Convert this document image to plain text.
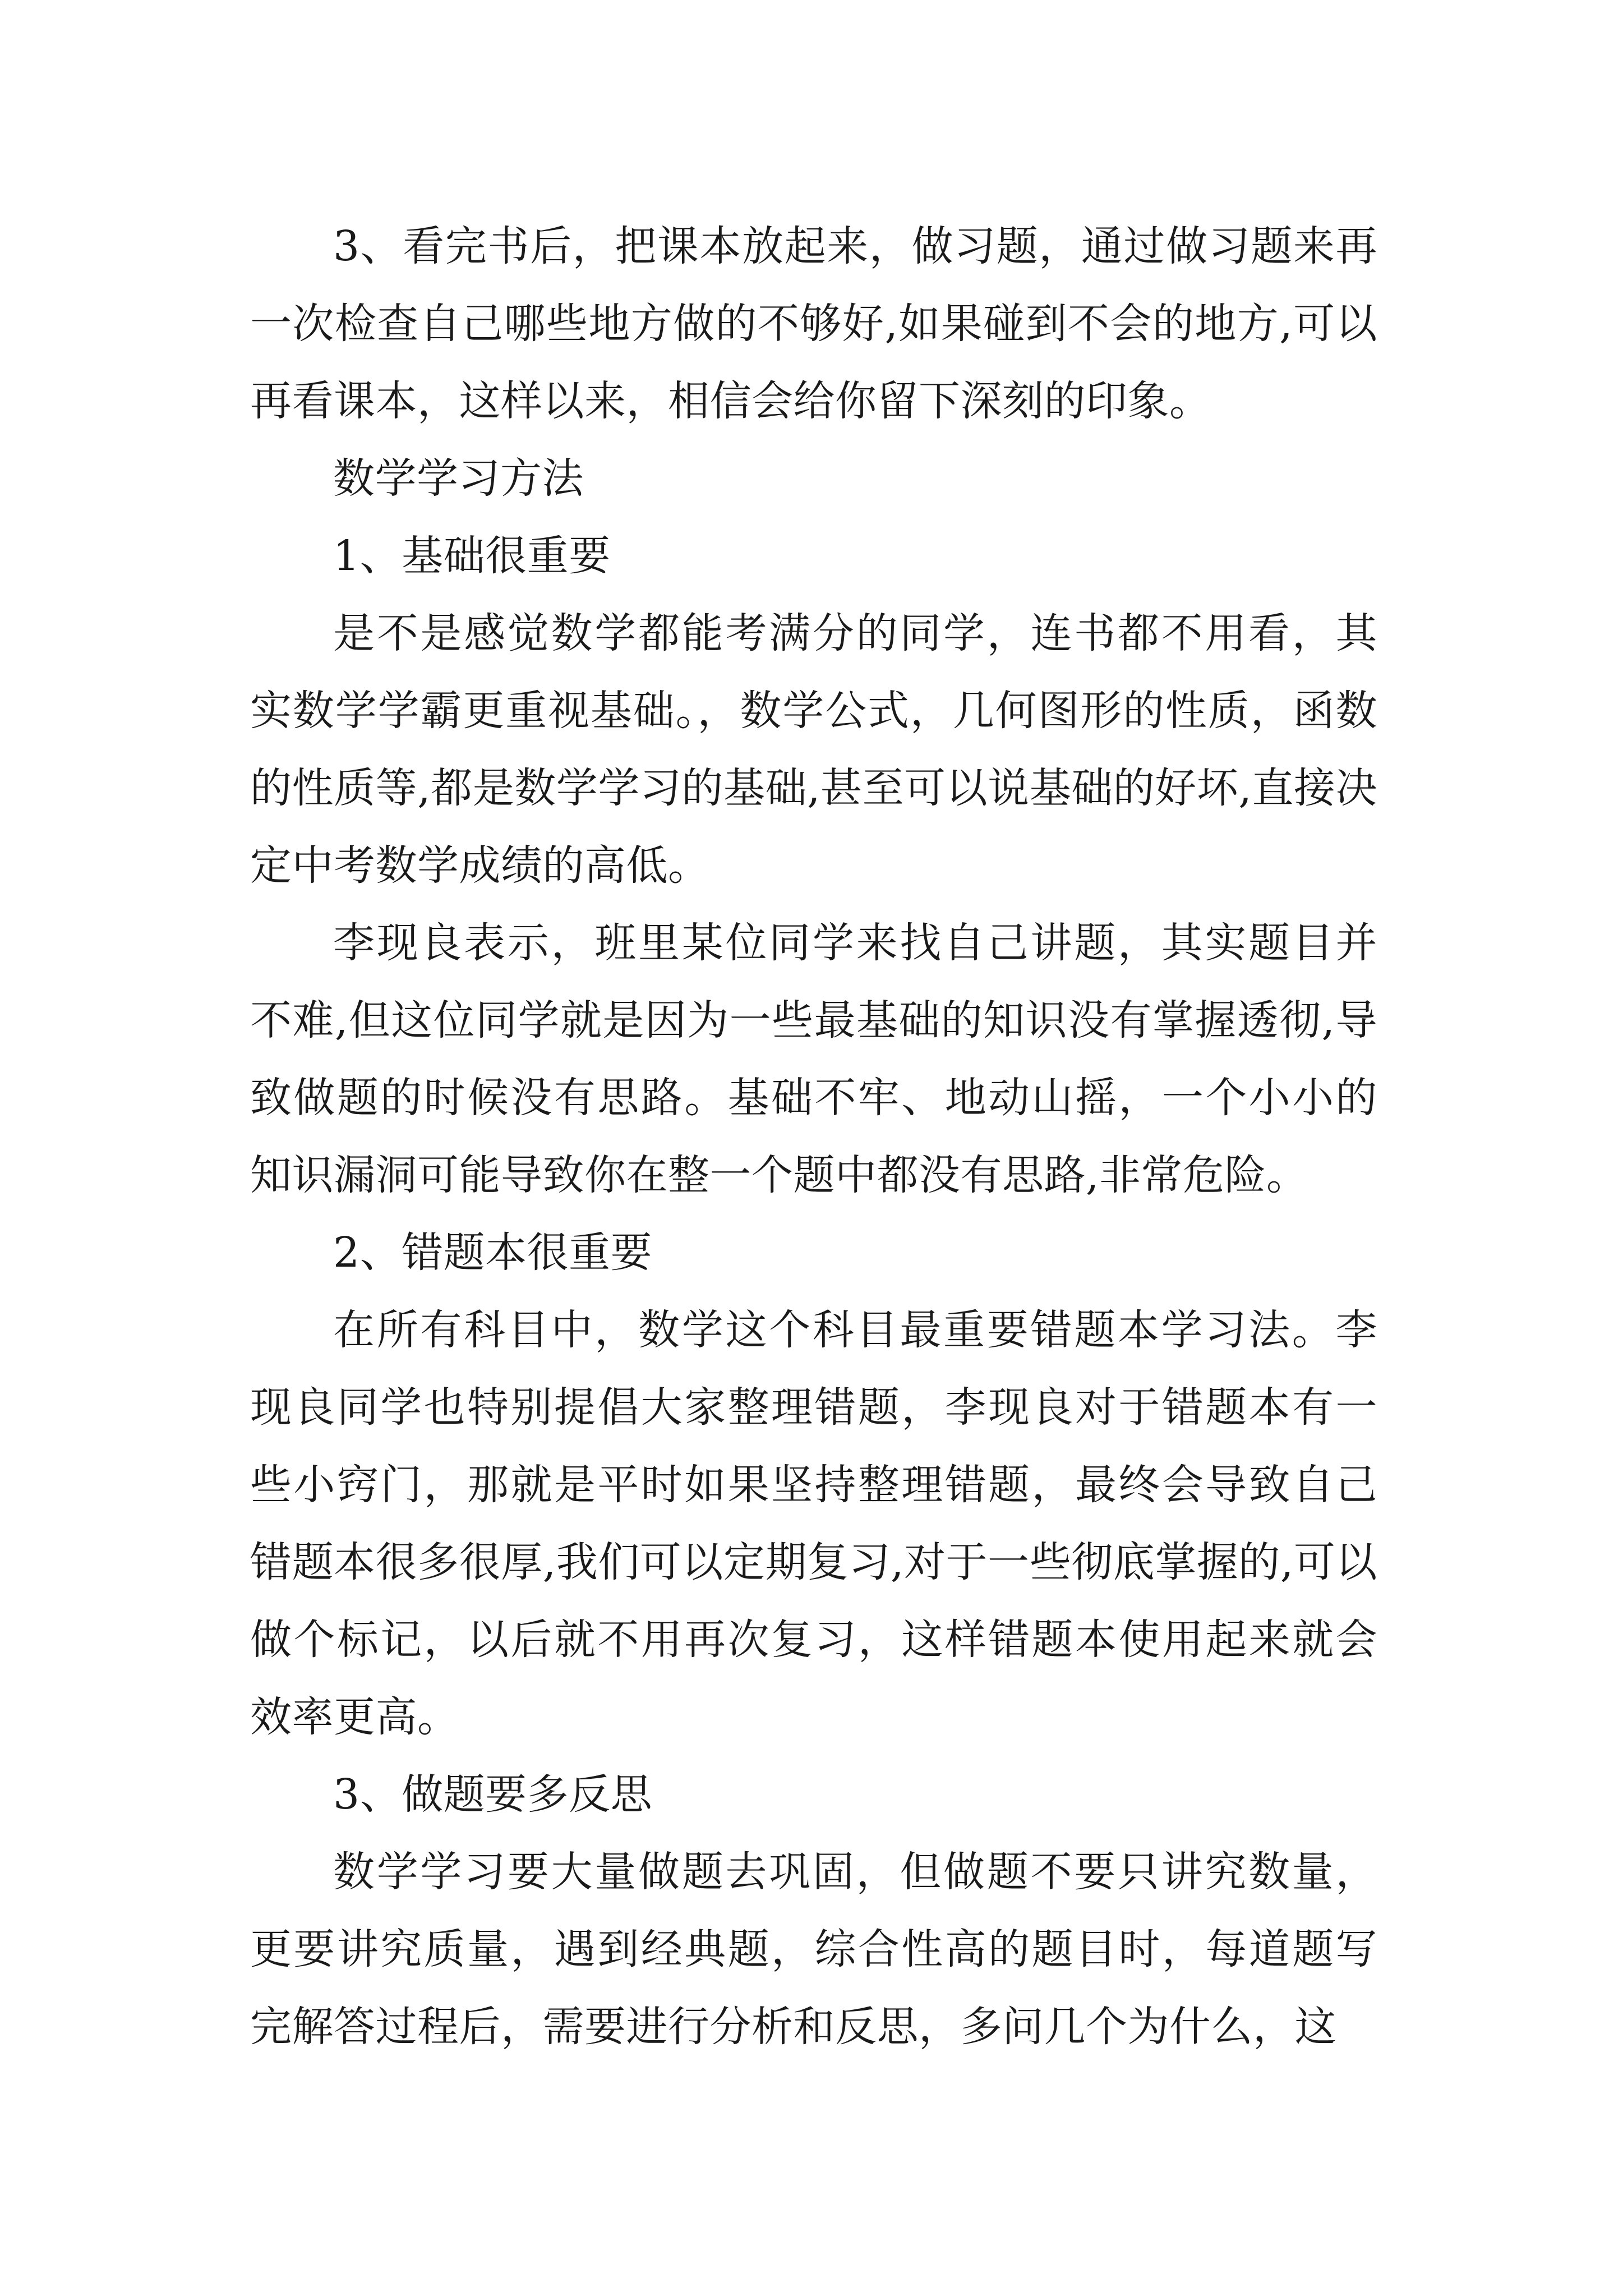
3、看完书后，把课本放起来，做习题，通过做习题来再一次检查自己哪些地方做的不够好,如果碰到不会的地方,可以再看课本，这样以来，相信会给你留下深刻的印象。

数学学习方法

1、基础很重要

是不是感觉数学都能考满分的同学，连书都不用看，其实数学学霸更重视基础。，数学公式，几何图形的性质，函数的性质等,都是数学学习的基础,甚至可以说基础的好坏,直接决定中考数学成绩的高低。

李现良表示，班里某位同学来找自己讲题，其实题目并不难,但这位同学就是因为一些最基础的知识没有掌握透彻,导致做题的时候没有思路。基础不牢、地动山摇，一个小小的知识漏洞可能导致你在整一个题中都没有思路,非常危险。

2、错题本很重要

在所有科目中，数学这个科目最重要错题本学习法。李现良同学也特别提倡大家整理错题，李现良对于错题本有一些小窍门，那就是平时如果坚持整理错题，最终会导致自己错题本很多很厚,我们可以定期复习,对于一些彻底掌握的,可以做个标记，以后就不用再次复习，这样错题本使用起来就会效率更高。

3、做题要多反思

数学学习要大量做题去巩固，但做题不要只讲究数量，更要讲究质量，遇到经典题，综合性高的题目时，每道题写完解答过程后，需要进行分析和反思，多问几个为什么，这
